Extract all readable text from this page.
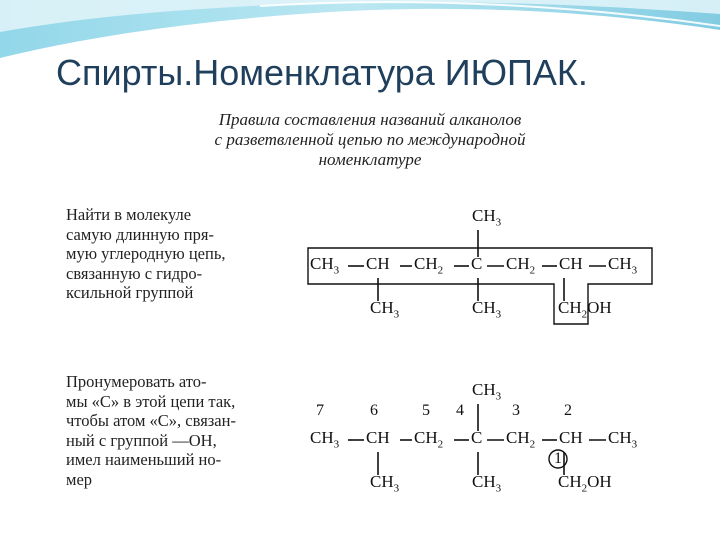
Спирты.Номенклатура ИЮПАК.
Правила составления названий алканолов
с разветвленной цепью по международной
номенклатуре
Найти в молекуле
самую длинную пря-
мую углеродную цепь,
связанную с гидро-
ксильной группой
Пронумеровать ато-
мы «С» в этой цепи так,
чтобы атом «С», связан-
ный с группой —ОН,
имел наименьший но-
мер
$CH_3$
$CH_3$ CH $CH_2$ C $CH_2$ CH $CH_3$
$CH_3$	$CH_3$	$CH_2OH$
$CH_3$
$CH_3$ CH $CH_2$ C $CH_2$ CH $CH_3$
$CH_3$	$CH_3$	$CH_2OH$
7	6	5 4	3	2
1
